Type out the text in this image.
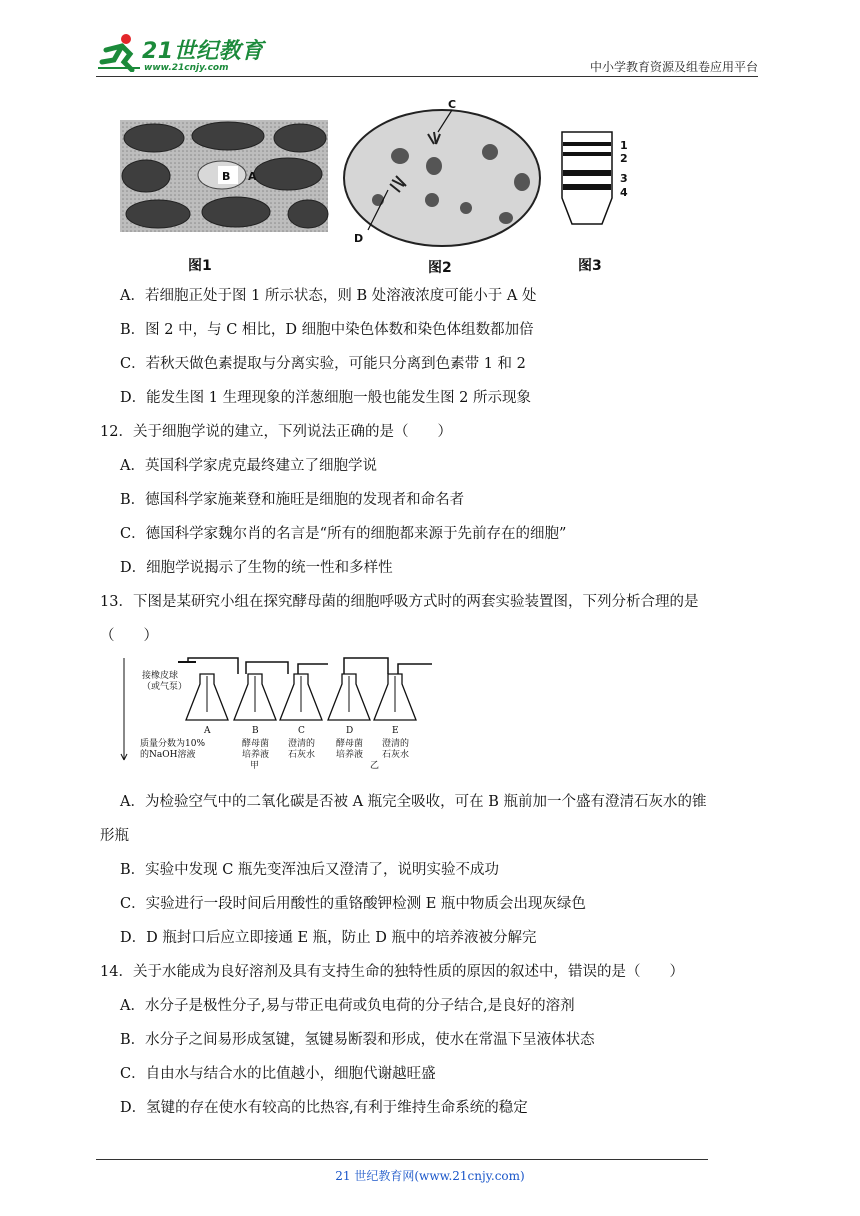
21世纪教育
www.21cnjy.com	中小学教育资源及组卷应用平台
B A
图1
C
D
图2
1
2
3
4
图3
A．若细胞正处于图 1 所示状态，则 B 处溶液浓度可能小于 A 处
B．图 2 中，与 C 相比，D 细胞中染色体数和染色体组数都加倍
C．若秋天做色素提取与分离实验，可能只分离到色素带 1 和 2
D．能发生图 1 生理现象的洋葱细胞一般也能发生图 2 所示现象
12．关于细胞学说的建立，下列说法正确的是（　　）
A．英国科学家虎克最终建立了细胞学说
B．德国科学家施莱登和施旺是细胞的发现者和命名者
C．德国科学家魏尔肖的名言是“所有的细胞都来源于先前存在的细胞”
D．细胞学说揭示了生物的统一性和多样性
13．下图是某研究小组在探究酵母菌的细胞呼吸方式时的两套实验装置图，下列分析合理的是
（　　）
接橡皮球
（或气泵）
A	B	C	D	E
质量分数为10%
的NaOH溶液
酵母菌
培养液
澄清的
石灰水
酵母菌
培养液
澄清的
石灰水
甲	乙
A．为检验空气中的二氧化碳是否被 A 瓶完全吸收，可在 B 瓶前加一个盛有澄清石灰水的锥
形瓶
B．实验中发现 C 瓶先变浑浊后又澄清了，说明实验不成功
C．实验进行一段时间后用酸性的重铬酸钾检测 E 瓶中物质会出现灰绿色
D．D 瓶封口后应立即接通 E 瓶，防止 D 瓶中的培养液被分解完
14．关于水能成为良好溶剂及具有支持生命的独特性质的原因的叙述中，错误的是（　　）
A．水分子是极性分子,易与带正电荷或负电荷的分子结合,是良好的溶剂
B．水分子之间易形成氢键，氢键易断裂和形成，使水在常温下呈液体状态
C．自由水与结合水的比值越小，细胞代谢越旺盛
D．氢键的存在使水有较高的比热容,有利于维持生命系统的稳定
21 世纪教育网(www.21cnjy.com)
